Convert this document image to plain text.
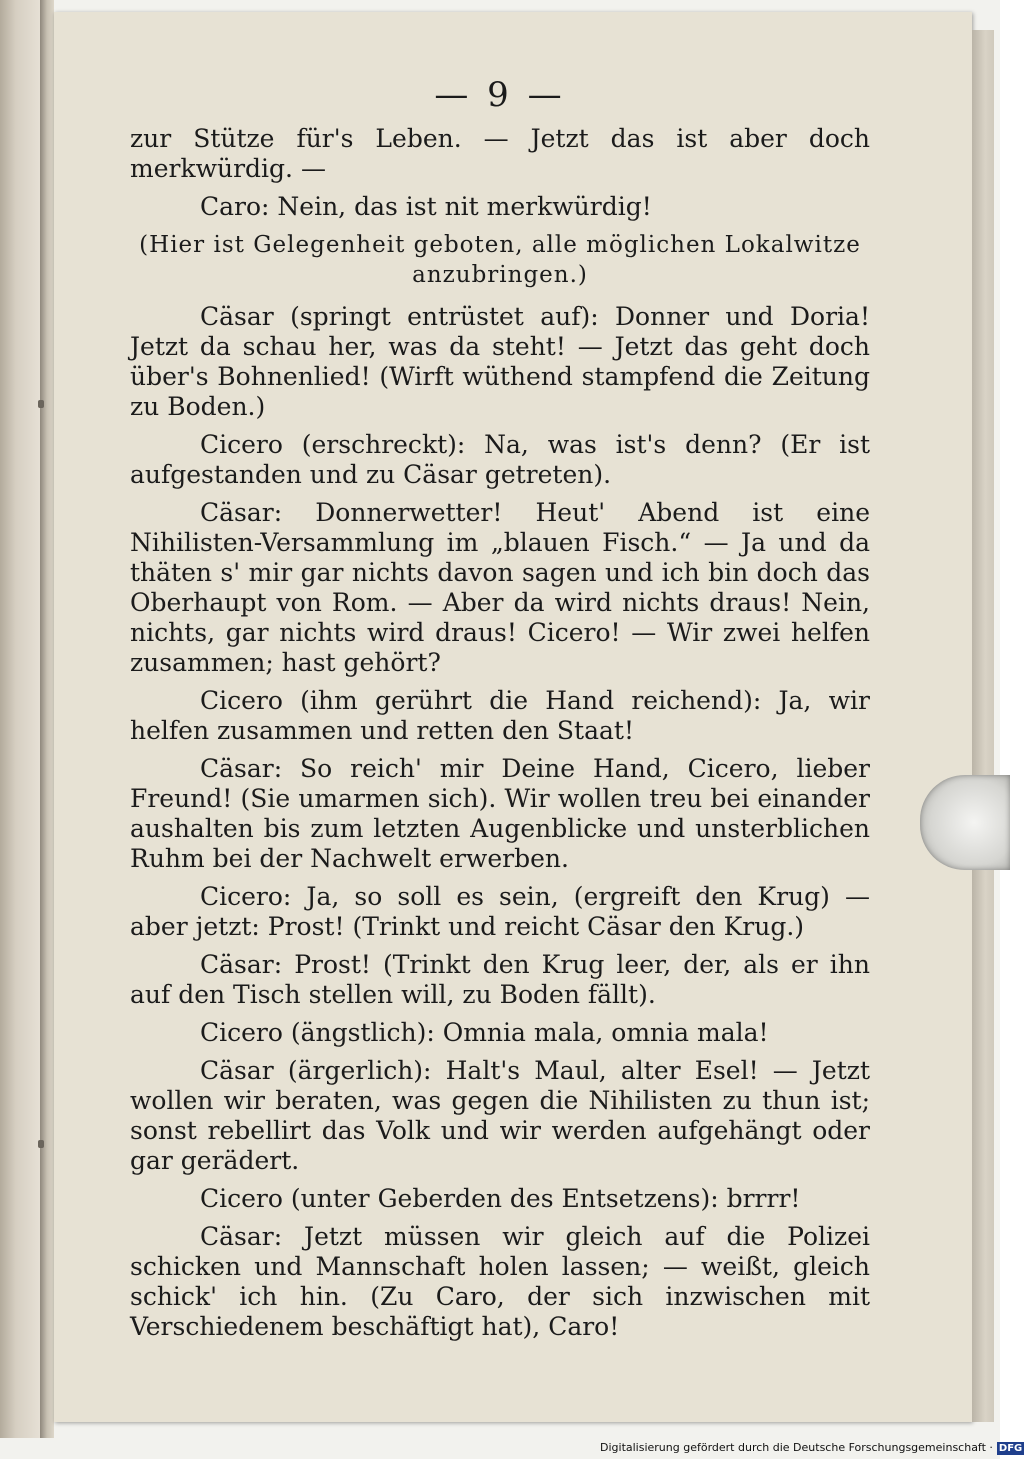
— 9 —

zur Stütze für's Leben. — Jetzt das ist aber doch merkwürdig. —

Caro: Nein, das ist nit merkwürdig!

(Hier ist Gelegenheit geboten, alle möglichen Lokalwitze anzubringen.)

Cäsar (springt entrüstet auf): Donner und Doria! Jetzt da schau her, was da steht! — Jetzt das geht doch über's Bohnenlied! (Wirft wüthend stampfend die Zeitung zu Boden.)

Cicero (erschreckt): Na, was ist's denn? (Er ist aufgestanden und zu Cäsar getreten).

Cäsar: Donnerwetter! Heut' Abend ist eine Nihilisten-Versammlung im „blauen Fisch.“ — Ja und da thäten s' mir gar nichts davon sagen und ich bin doch das Oberhaupt von Rom. — Aber da wird nichts draus! Nein, nichts, gar nichts wird draus! Cicero! — Wir zwei helfen zusammen; hast gehört?

Cicero (ihm gerührt die Hand reichend): Ja, wir helfen zusammen und retten den Staat!

Cäsar: So reich' mir Deine Hand, Cicero, lieber Freund! (Sie umarmen sich). Wir wollen treu bei einander aushalten bis zum letzten Augenblicke und unsterblichen Ruhm bei der Nachwelt erwerben.

Cicero: Ja, so soll es sein, (ergreift den Krug) — aber jetzt: Prost! (Trinkt und reicht Cäsar den Krug.)

Cäsar: Prost! (Trinkt den Krug leer, der, als er ihn auf den Tisch stellen will, zu Boden fällt).

Cicero (ängstlich): Omnia mala, omnia mala!

Cäsar (ärgerlich): Halt's Maul, alter Esel! — Jetzt wollen wir beraten, was gegen die Nihilisten zu thun ist; sonst rebellirt das Volk und wir werden aufgehängt oder gar gerädert.

Cicero (unter Geberden des Entsetzens): brrrr!

Cäsar: Jetzt müssen wir gleich auf die Polizei schicken und Mannschaft holen lassen; — weißt, gleich schick' ich hin. (Zu Caro, der sich inzwischen mit Verschiedenem beschäftigt hat), Caro!

Digitalisierung gefördert durch die Deutsche Forschungsgemeinschaft · DFG
